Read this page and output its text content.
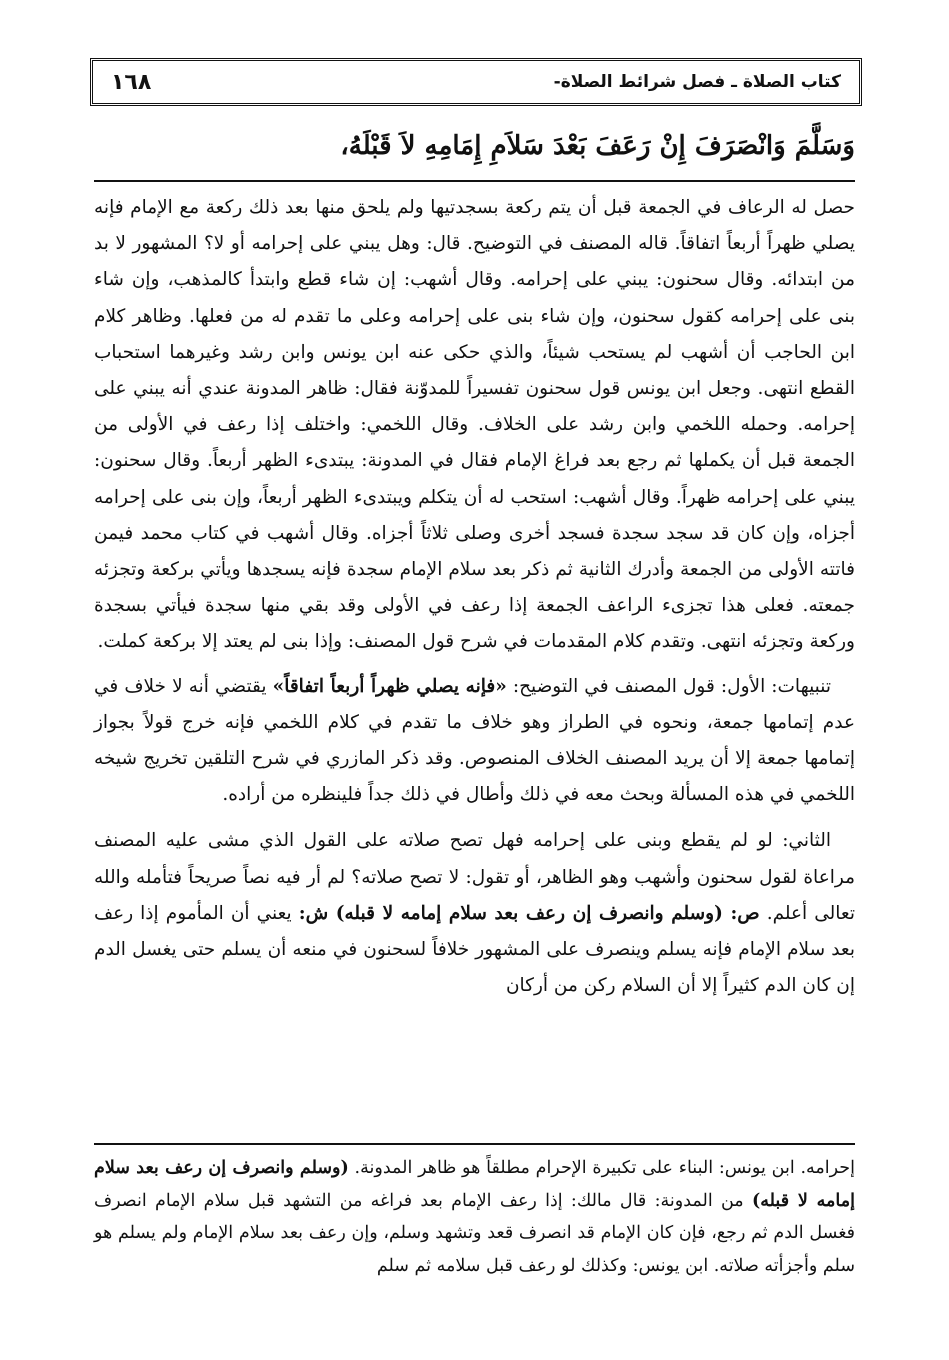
كتاب الصلاة ـ فصل شرائط الصلاة-
١٦٨
وَسَلَّمَ وَانْصَرَفَ إِنْ رَعَفَ بَعْدَ سَلاَمِ إِمَامِهِ لاَ قَبْلَهُ،

حصل له الرعاف في الجمعة قبل أن يتم ركعة بسجدتيها ولم يلحق منها بعد ذلك ركعة مع الإمام فإنه يصلي ظهراً أربعاً اتفاقاً. قاله المصنف في التوضيح. قال: وهل يبني على إحرامه أو لا؟ المشهور لا بد من ابتدائه. وقال سحنون: يبني على إحرامه. وقال أشهب: إن شاء قطع وابتدأ كالمذهب، وإن شاء بنى على إحرامه كقول سحنون، وإن شاء بنى على إحرامه وعلى ما تقدم له من فعلها. وظاهر كلام ابن الحاجب أن أشهب لم يستحب شيئاً، والذي حكى عنه ابن يونس وابن رشد وغيرهما استحباب القطع انتهى. وجعل ابن يونس قول سحنون تفسيراً للمدوّنة فقال: ظاهر المدونة عندي أنه يبني على إحرامه. وحمله اللخمي وابن رشد على الخلاف. وقال اللخمي: واختلف إذا رعف في الأولى من الجمعة قبل أن يكملها ثم رجع بعد فراغ الإمام فقال في المدونة: يبتدىء الظهر أربعاً. وقال سحنون: يبني على إحرامه ظهراً. وقال أشهب: استحب له أن يتكلم ويبتدىء الظهر أربعاً، وإن بنى على إحرامه أجزاه، وإن كان قد سجد سجدة فسجد أخرى وصلى ثلاثاً أجزاه. وقال أشهب في كتاب محمد فيمن فاتته الأولى من الجمعة وأدرك الثانية ثم ذكر بعد سلام الإمام سجدة فإنه يسجدها ويأتي بركعة وتجزئه جمعته. فعلى هذا تجزىء الراعف الجمعة إذا رعف في الأولى وقد بقي منها سجدة فيأتي بسجدة وركعة وتجزئه انتهى. وتقدم كلام المقدمات في شرح قول المصنف: وإذا بنى لم يعتد إلا بركعة كملت.

تنبيهات: الأول: قول المصنف في التوضيح: «فإنه يصلي ظهراً أربعاً اتفاقاً» يقتضي أنه لا خلاف في عدم إتمامها جمعة، ونحوه في الطراز وهو خلاف ما تقدم في كلام اللخمي فإنه خرج قولاً بجواز إتمامها جمعة إلا أن يريد المصنف الخلاف المنصوص. وقد ذكر المازري في شرح التلقين تخريج شيخه اللخمي في هذه المسألة وبحث معه في ذلك وأطال في ذلك جداً فلينظره من أراده.

الثاني: لو لم يقطع وبنى على إحرامه فهل تصح صلاته على القول الذي مشى عليه المصنف مراعاة لقول سحنون وأشهب وهو الظاهر، أو تقول: لا تصح صلاته؟ لم أر فيه نصاً صريحاً فتأمله والله تعالى أعلم. ص: (وسلم وانصرف إن رعف بعد سلام إمامه لا قبله) ش: يعني أن المأموم إذا رعف بعد سلام الإمام فإنه يسلم وينصرف على المشهور خلافاً لسحنون في منعه أن يسلم حتى يغسل الدم إن كان الدم كثيراً إلا أن السلام ركن من أركان

إحرامه. ابن يونس: البناء على تكبيرة الإحرام مطلقاً هو ظاهر المدونة. (وسلم وانصرف إن رعف بعد سلام إمامه لا قبله) من المدونة: قال مالك: إذا رعف الإمام بعد فراغه من التشهد قبل سلام الإمام انصرف فغسل الدم ثم رجع، فإن كان الإمام قد انصرف قعد وتشهد وسلم، وإن رعف بعد سلام الإمام ولم يسلم هو سلم وأجزأته صلاته. ابن يونس: وكذلك لو رعف قبل سلامه ثم سلم
